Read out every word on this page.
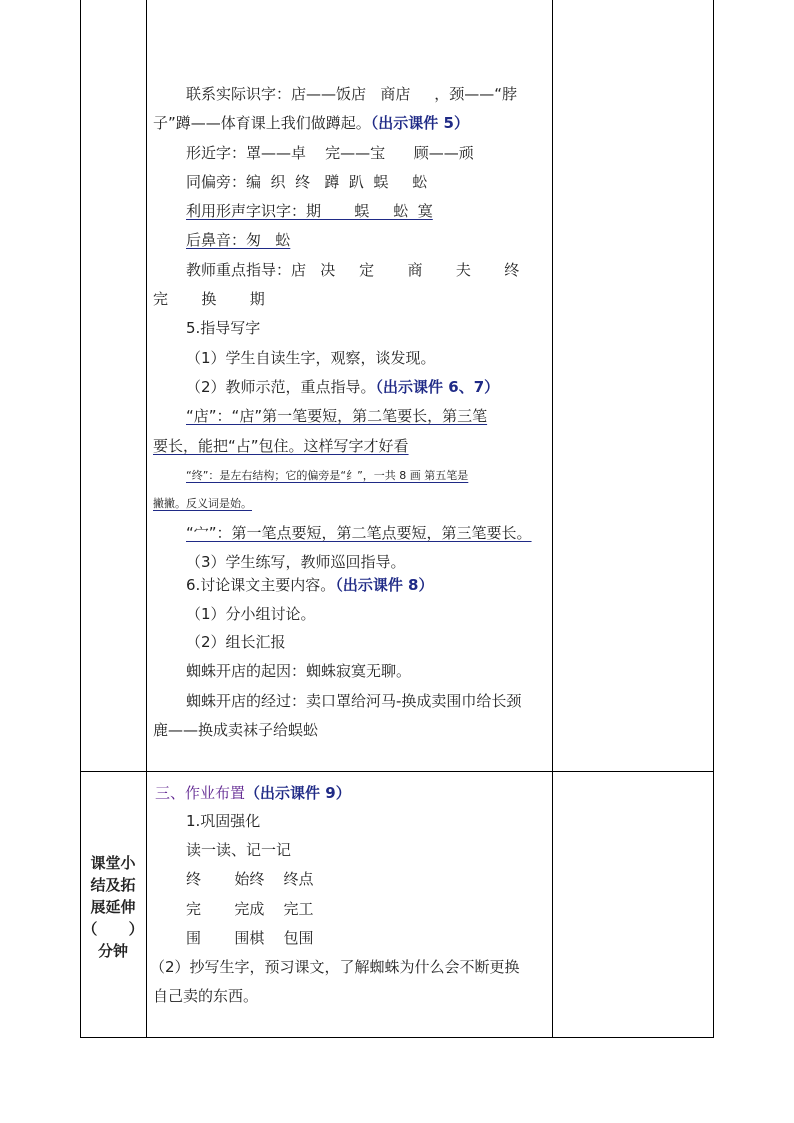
联系实际识字：店——饭店 商店 ，颈——“脖
子”蹲——体育课上我们做蹲起。（出示课件 5）
形近字：罩——卓 完——宝 顾——顽
同偏旁：编  织  终   蹲  趴  蜈     蚣
利用形声字识字：期       蜈     蚣  寞
后鼻音：匆   蚣
教师重点指导：店   决     定       商       夫       终
完       换       期
5.指导写字
（1）学生自读生字，观察，谈发现。
（2）教师示范，重点指导。（出示课件 6、7）
“店”：“店”第一笔要短，第二笔要长，第三笔
要长，能把“占”包住。这样写字才好看
“终”：是左右结构；它的偏旁是“纟”，一共 8 画 第五笔是
撇撇。反义词是始。
“宀”：第一笔点要短，第二笔点要短，第三笔要长。
（3）学生练写，教师巡回指导。
6.讨论课文主要内容。（出示课件 8）
（1）分小组讨论。
（2）组长汇报
蜘蛛开店的起因：蜘蛛寂寞无聊。
蜘蛛开店的经过：卖口罩给河马-换成卖围巾给长颈
鹿——换成卖袜子给蜈蚣
课堂小
结及拓
展延伸
（      ）
分钟
三、作业布置（出示课件 9）
1.巩固强化
读一读、记一记
终       始终    终点
完       完成    完工
围       围棋    包围
（2）抄写生字，预习课文，了解蜘蛛为什么会不断更换
自己卖的东西。
